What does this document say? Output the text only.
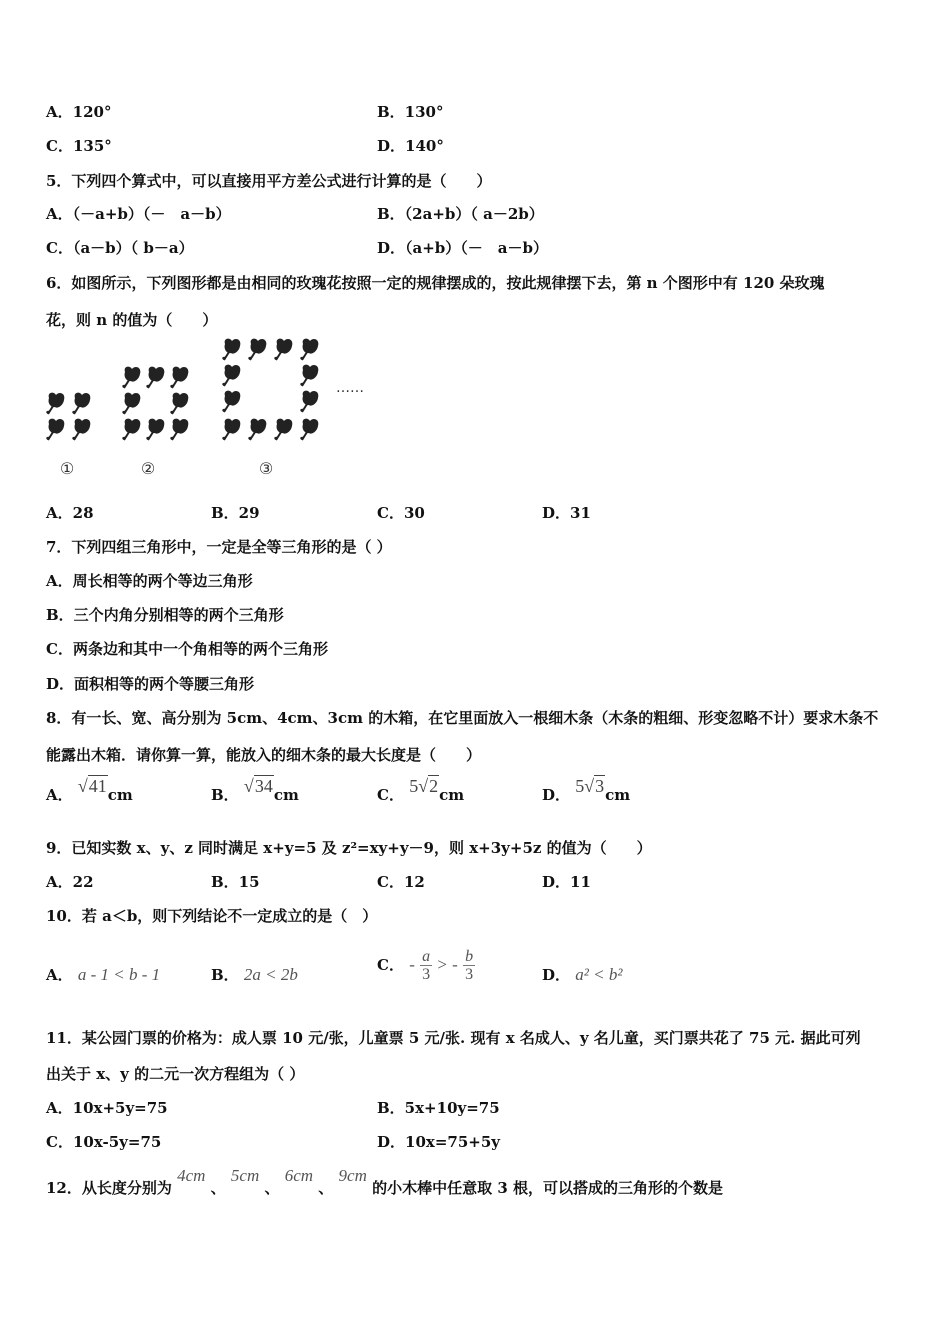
A．120°	B．130°
C．135°	D．140°
5．下列四个算式中，可以直接用平方差公式进行计算的是（　　）
A．（－a+b）（－　a－b）	B．（2a+b）（ a－2b）
C．（a－b）（ b－a）	D．（a+b）（－　a－b）
6．如图所示，下列图形都是由相同的玫瑰花按照一定的规律摆成的，按此规律摆下去，第 n 个图形中有 120 朵玫瑰
花，则 n 的值为（　　）
……
①	②	③
A．28	B．29	C．30	D．31
7．下列四组三角形中，一定是全等三角形的是（ ）
A．周长相等的两个等边三角形
B．三个内角分别相等的两个三角形
C．两条边和其中一个角相等的两个三角形
D．面积相等的两个等腰三角形
8．有一长、宽、高分别为 5cm、4cm、3cm 的木箱，在它里面放入一根细木条（木条的粗细、形变忽略不计）要求木条不
能露出木箱．请你算一算，能放入的细木条的最大长度是（　　）
A． √41cm	B． √34cm	C． 5√2cm	D． 5√3cm
9．已知实数 x、y、z 同时满足 x+y=5 及 z²=xy+y－9，则 x+3y+5z 的值为（　　）
A．22	B．15	C．12	D．11
10．若 a＜b，则下列结论不一定成立的是（　）
A． a - 1 < b - 1	B． 2a < 2b	C．
-
$\frac{a}{3}$
>
-
$\frac{b}{3}$	D． a² < b²
11．某公园门票的价格为：成人票 10 元/张，儿童票 5 元/张. 现有 x 名成人、y 名儿童，买门票共花了 75 元. 据此可列
出关于 x、y 的二元一次方程组为（ ）
A．10x+5y=75	B．5x+10y=75
C．10x-5y=75	D．10x=75+5y
12．从长度分别为 4cm 、 5cm 、 6cm 、 9cm 的小木棒中任意取 3 根，可以搭成的三角形的个数是
